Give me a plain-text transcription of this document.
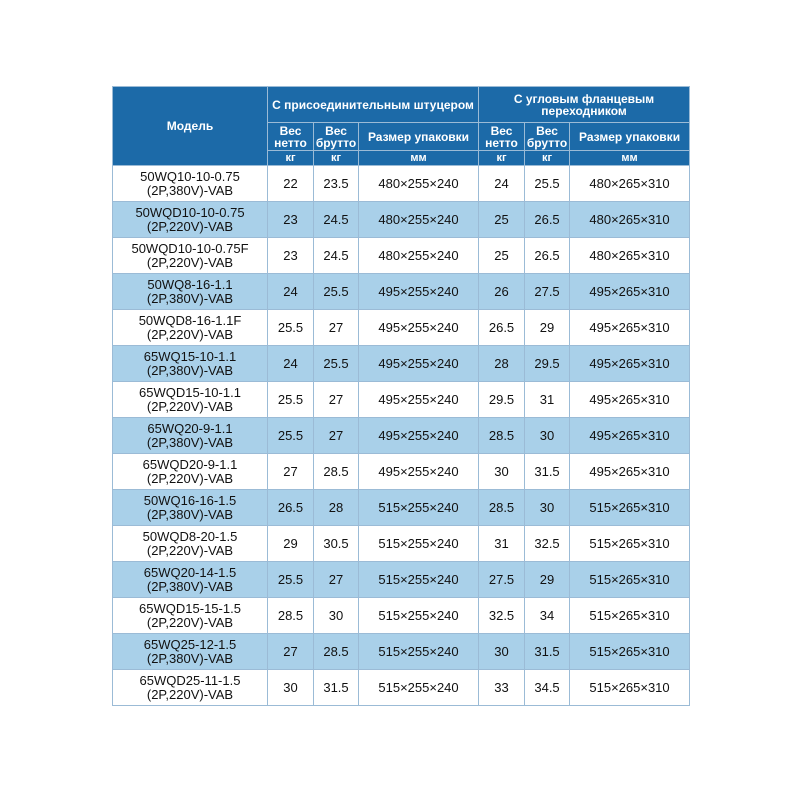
Модель	С присоединительным штуцером			С угловым фланцевым переходником		
	Вес нетто	Вес брутто	Размер упаковки	Вес нетто	Вес брутто	Размер упаковки
	кг	кг	мм	кг	кг	мм
50WQ10-10-0.75
(2P,380V)-VAB	22	23.5	480×255×240	24	25.5	480×265×310
50WQD10-10-0.75
(2P,220V)-VAB	23	24.5	480×255×240	25	26.5	480×265×310
50WQD10-10-0.75F
(2P,220V)-VAB	23	24.5	480×255×240	25	26.5	480×265×310
50WQ8-16-1.1
(2P,380V)-VAB	24	25.5	495×255×240	26	27.5	495×265×310
50WQD8-16-1.1F
(2P,220V)-VAB	25.5	27	495×255×240	26.5	29	495×265×310
65WQ15-10-1.1
(2P,380V)-VAB	24	25.5	495×255×240	28	29.5	495×265×310
65WQD15-10-1.1
(2P,220V)-VAB	25.5	27	495×255×240	29.5	31	495×265×310
65WQ20-9-1.1
(2P,380V)-VAB	25.5	27	495×255×240	28.5	30	495×265×310
65WQD20-9-1.1
(2P,220V)-VAB	27	28.5	495×255×240	30	31.5	495×265×310
50WQ16-16-1.5
(2P,380V)-VAB	26.5	28	515×255×240	28.5	30	515×265×310
50WQD8-20-1.5
(2P,220V)-VAB	29	30.5	515×255×240	31	32.5	515×265×310
65WQ20-14-1.5
(2P,380V)-VAB	25.5	27	515×255×240	27.5	29	515×265×310
65WQD15-15-1.5
(2P,220V)-VAB	28.5	30	515×255×240	32.5	34	515×265×310
65WQ25-12-1.5
(2P,380V)-VAB	27	28.5	515×255×240	30	31.5	515×265×310
65WQD25-11-1.5
(2P,220V)-VAB	30	31.5	515×255×240	33	34.5	515×265×310
